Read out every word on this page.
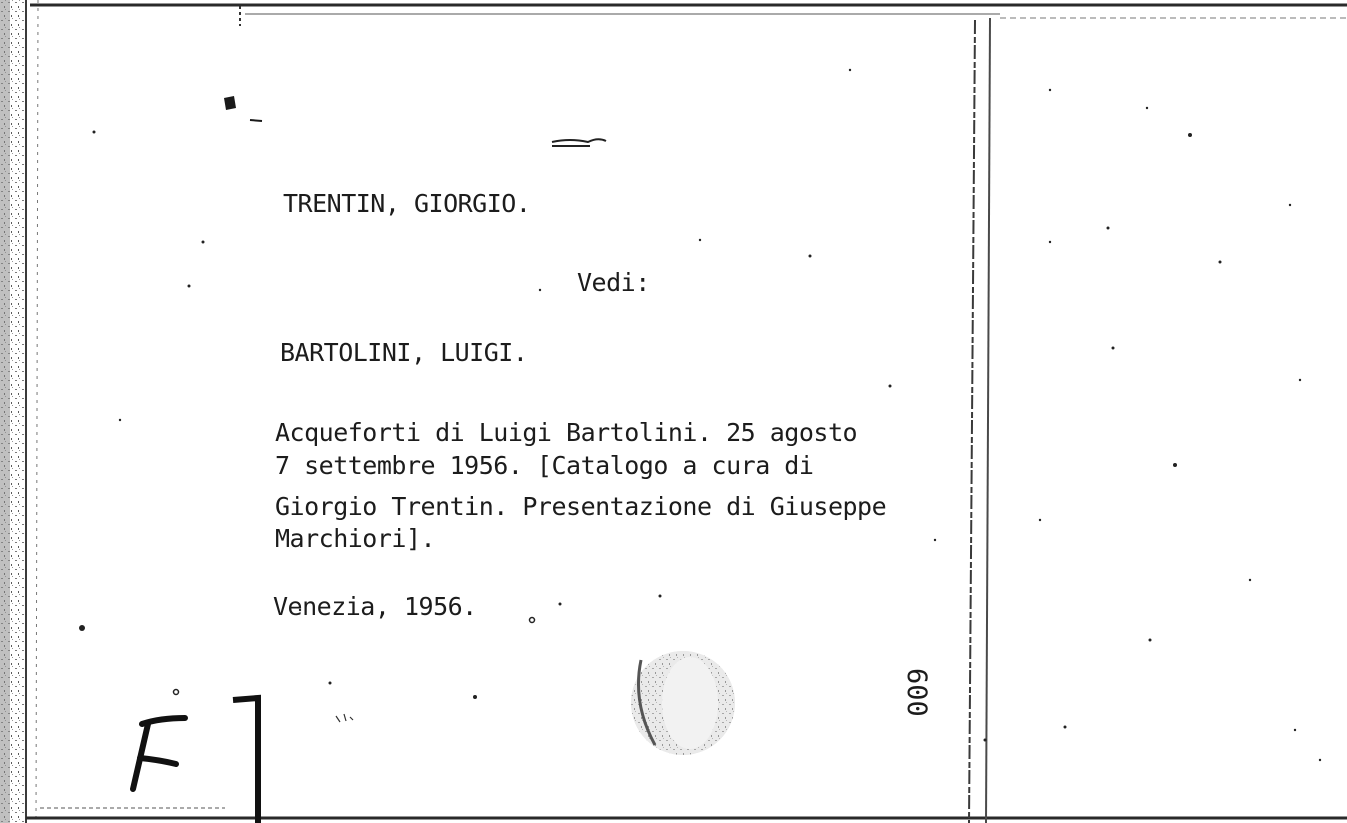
TRENTIN, GIORGIO.
Vedi:
BARTOLINI, LUIGI.
Acqueforti di Luigi Bartolini. 25 agosto
7 settembre 1956. [Catalogo a cura di
Giorgio Trentin. Presentazione di Giuseppe
Marchiori].
Venezia, 1956.
600
